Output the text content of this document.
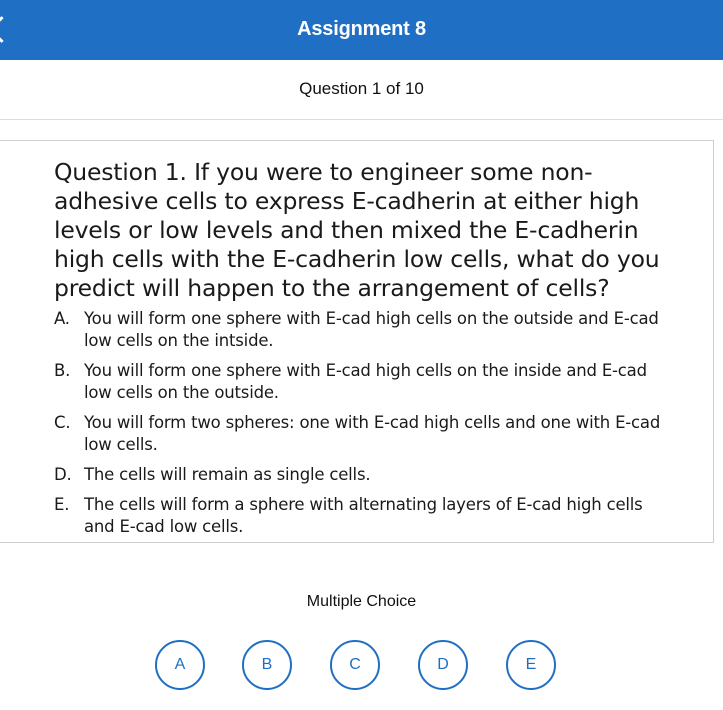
Assignment 8
Question 1 of 10
Question 1. If you were to engineer some non-adhesive cells to express E-cadherin at either high levels or low levels and then mixed the E-cadherin high cells with the E-cadherin low cells, what do you predict will happen to the arrangement of cells?
A. You will form one sphere with E-cad high cells on the outside and E-cad low cells on the intside.
B. You will form one sphere with E-cad high cells on the inside and E-cad low cells on the outside.
C. You will form two spheres: one with E-cad high cells and one with E-cad low cells.
D. The cells will remain as single cells.
E. The cells will form a sphere with alternating layers of E-cad high cells and E-cad low cells.
Multiple Choice
A	B	C	D	E
